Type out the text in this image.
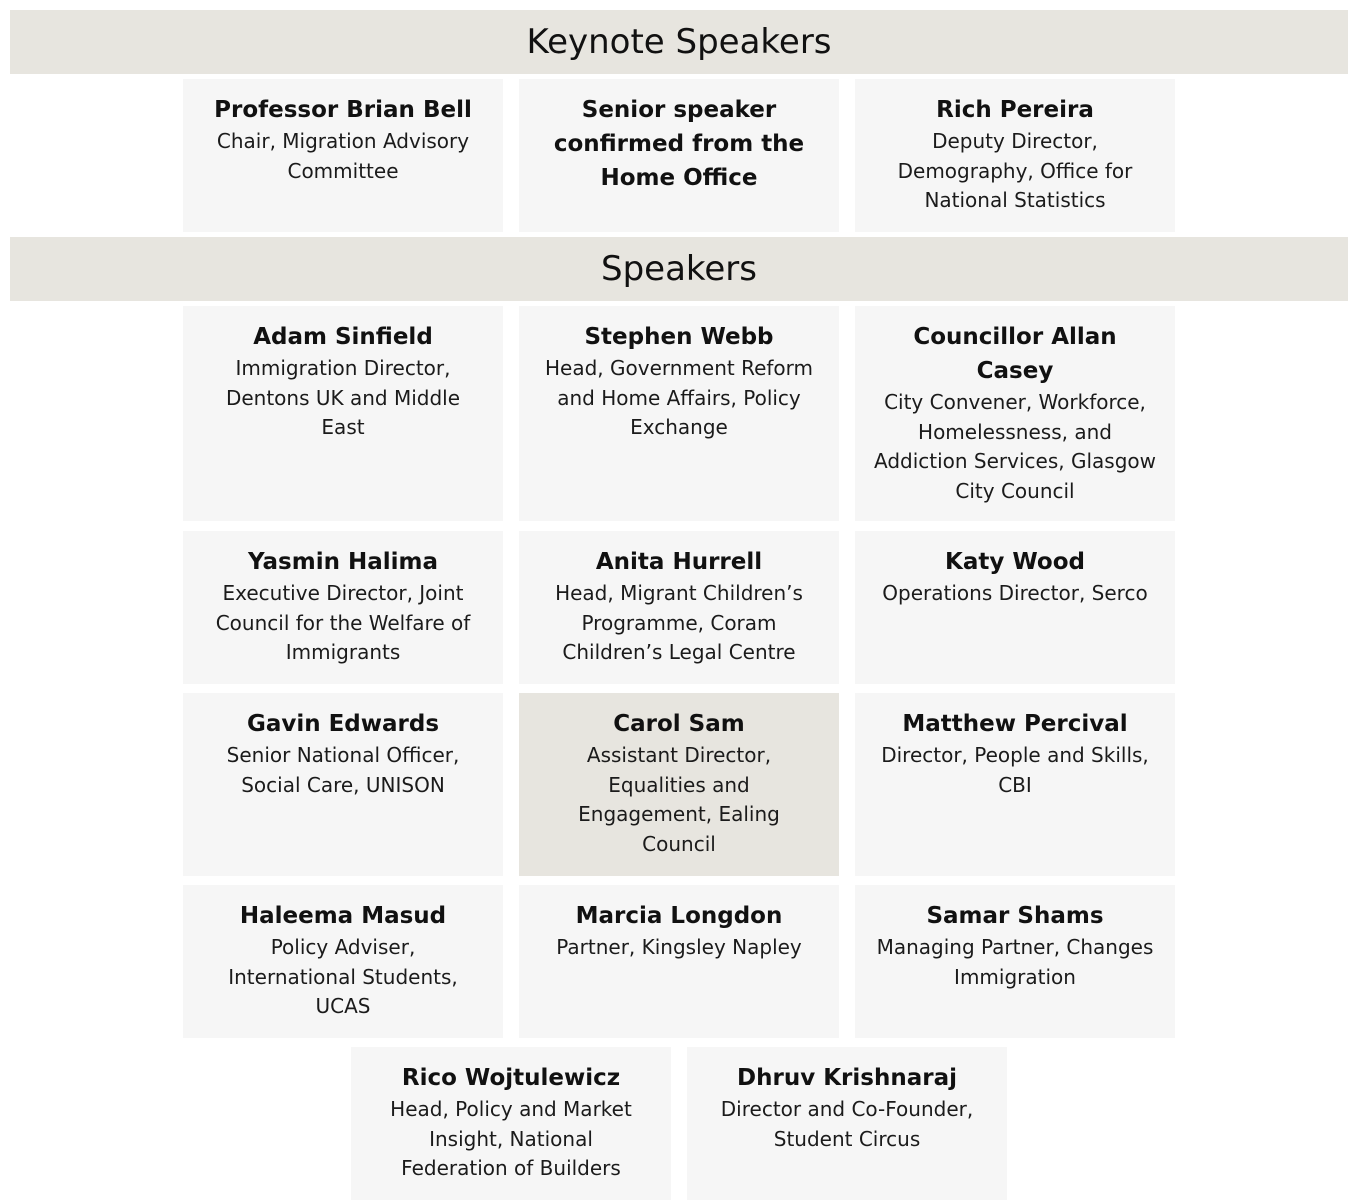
Keynote Speakers
Professor Brian Bell
Chair, Migration Advisory Committee
Senior speaker confirmed from the Home Office
Rich Pereira
Deputy Director, Demography, Office for National Statistics
Speakers
Adam Sinfield
Immigration Director, Dentons UK and Middle East
Stephen Webb
Head, Government Reform and Home Affairs, Policy Exchange
Councillor Allan Casey
City Convener, Workforce, Homelessness, and Addiction Services, Glasgow City Council
Yasmin Halima
Executive Director, Joint Council for the Welfare of Immigrants
Anita Hurrell
Head, Migrant Children’s Programme, Coram Children’s Legal Centre
Katy Wood
Operations Director, Serco
Gavin Edwards
Senior National Officer, Social Care, UNISON
Carol Sam
Assistant Director, Equalities and Engagement, Ealing Council
Matthew Percival
Director, People and Skills, CBI
Haleema Masud
Policy Adviser, International Students, UCAS
Marcia Longdon
Partner, Kingsley Napley
Samar Shams
Managing Partner, Changes Immigration
Rico Wojtulewicz
Head, Policy and Market Insight, National Federation of Builders
Dhruv Krishnaraj
Director and Co-Founder, Student Circus
